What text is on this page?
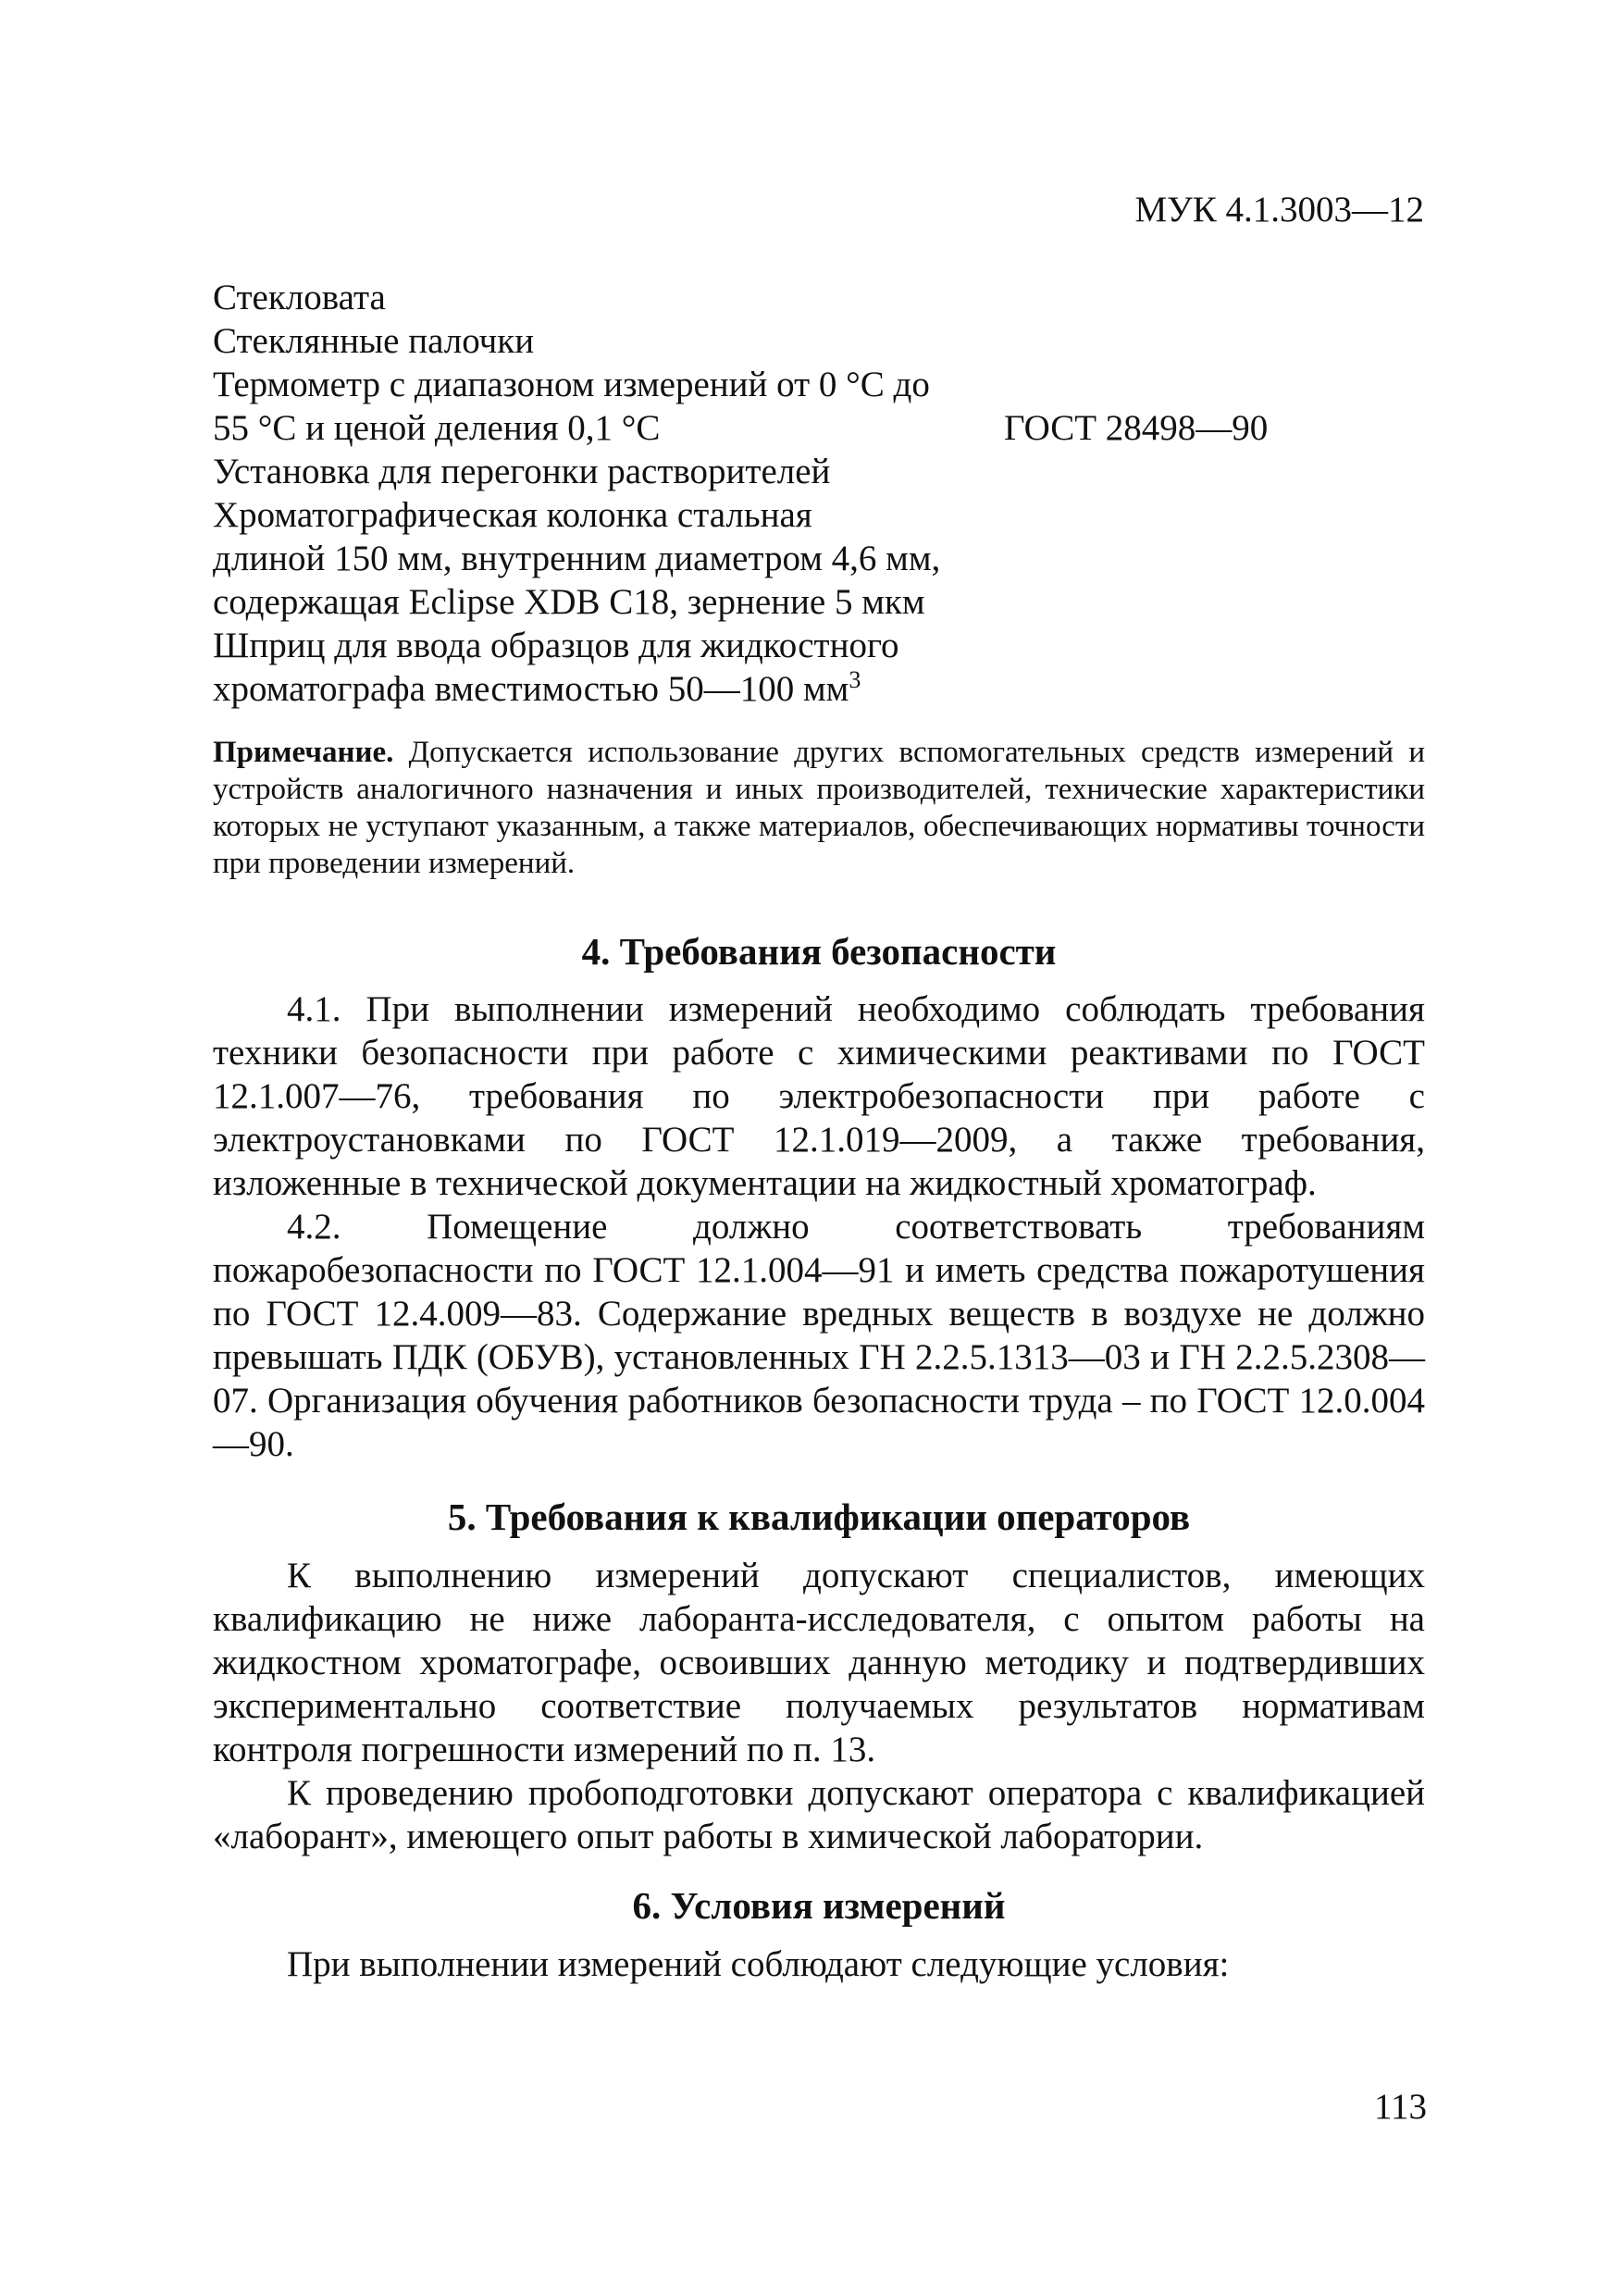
МУК 4.1.3003—12
Стекловата
Стеклянные палочки
Термометр с диапазоном измерений от 0 °С до
55 °С и ценой деления 0,1 °С	ГОСТ 28498—90
Установка для перегонки растворителей
Хроматографическая колонка стальная
длиной 150 мм, внутренним диаметром 4,6 мм,
содержащая Eclipse XDB C18, зернение 5 мкм
Шприц для ввода образцов для жидкостного
хроматографа вместимостью 50—100 $мм^3$
Примечание. Допускается использование других вспомогательных средств измерений и устройств аналогичного назначения и иных производителей, технические характеристики которых не уступают указанным, а также материалов, обеспечивающих нормативы точности при проведении измерений.
4. Требования безопасности
4.1. При выполнении измерений необходимо соблюдать требования техники безопасности при работе с химическими реактивами по ГОСТ 12.1.007—76, требования по электробезопасности при работе с электроустановками по ГОСТ 12.1.019—2009, а также требования, изложенные в технической документации на жидкостный хроматограф.
4.2. Помещение должно соответствовать требованиям пожаробезопасности по ГОСТ 12.1.004—91 и иметь средства пожаротушения по ГОСТ 12.4.009—83. Содержание вредных веществ в воздухе не должно превышать ПДК (ОБУВ), установленных ГН 2.2.5.1313—03 и ГН 2.2.5.2308—07. Организация обучения работников безопасности труда – по ГОСТ 12.0.004—90.
5. Требования к квалификации операторов
К выполнению измерений допускают специалистов, имеющих квалификацию не ниже лаборанта-исследователя, с опытом работы на жидкостном хроматографе, освоивших данную методику и подтвердивших экспериментально соответствие получаемых результатов нормативам контроля погрешности измерений по п. 13.
К проведению пробоподготовки допускают оператора с квалификацией «лаборант», имеющего опыт работы в химической лаборатории.
6. Условия измерений
При выполнении измерений соблюдают следующие условия:
113
